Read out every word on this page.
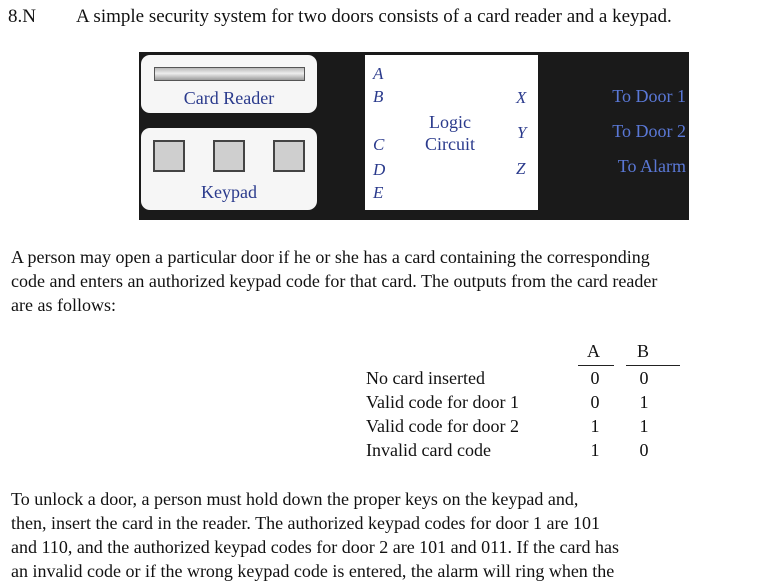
8.N A simple security system for two doors consists of a card reader and a keypad.
Card Reader
Keypad
A
B
C
D
E
Logic
Circuit
X
Y
Z
To Door 1
To Door 2
To Alarm
A person may open a particular door if he or she has a card containing the corresponding
code and enters an authorized keypad code for that card. The outputs from the card reader
are as follows:
A B
No card inserted
Valid code for door 1
Valid code for door 2
Invalid card code
0
0
1
1
0
1
1
0
To unlock a door, a person must hold down the proper keys on the keypad and,
then, insert the card in the reader. The authorized keypad codes for door 1 are 101
and 110, and the authorized keypad codes for door 2 are 101 and 011. If the card has
an invalid code or if the wrong keypad code is entered, the alarm will ring when the
